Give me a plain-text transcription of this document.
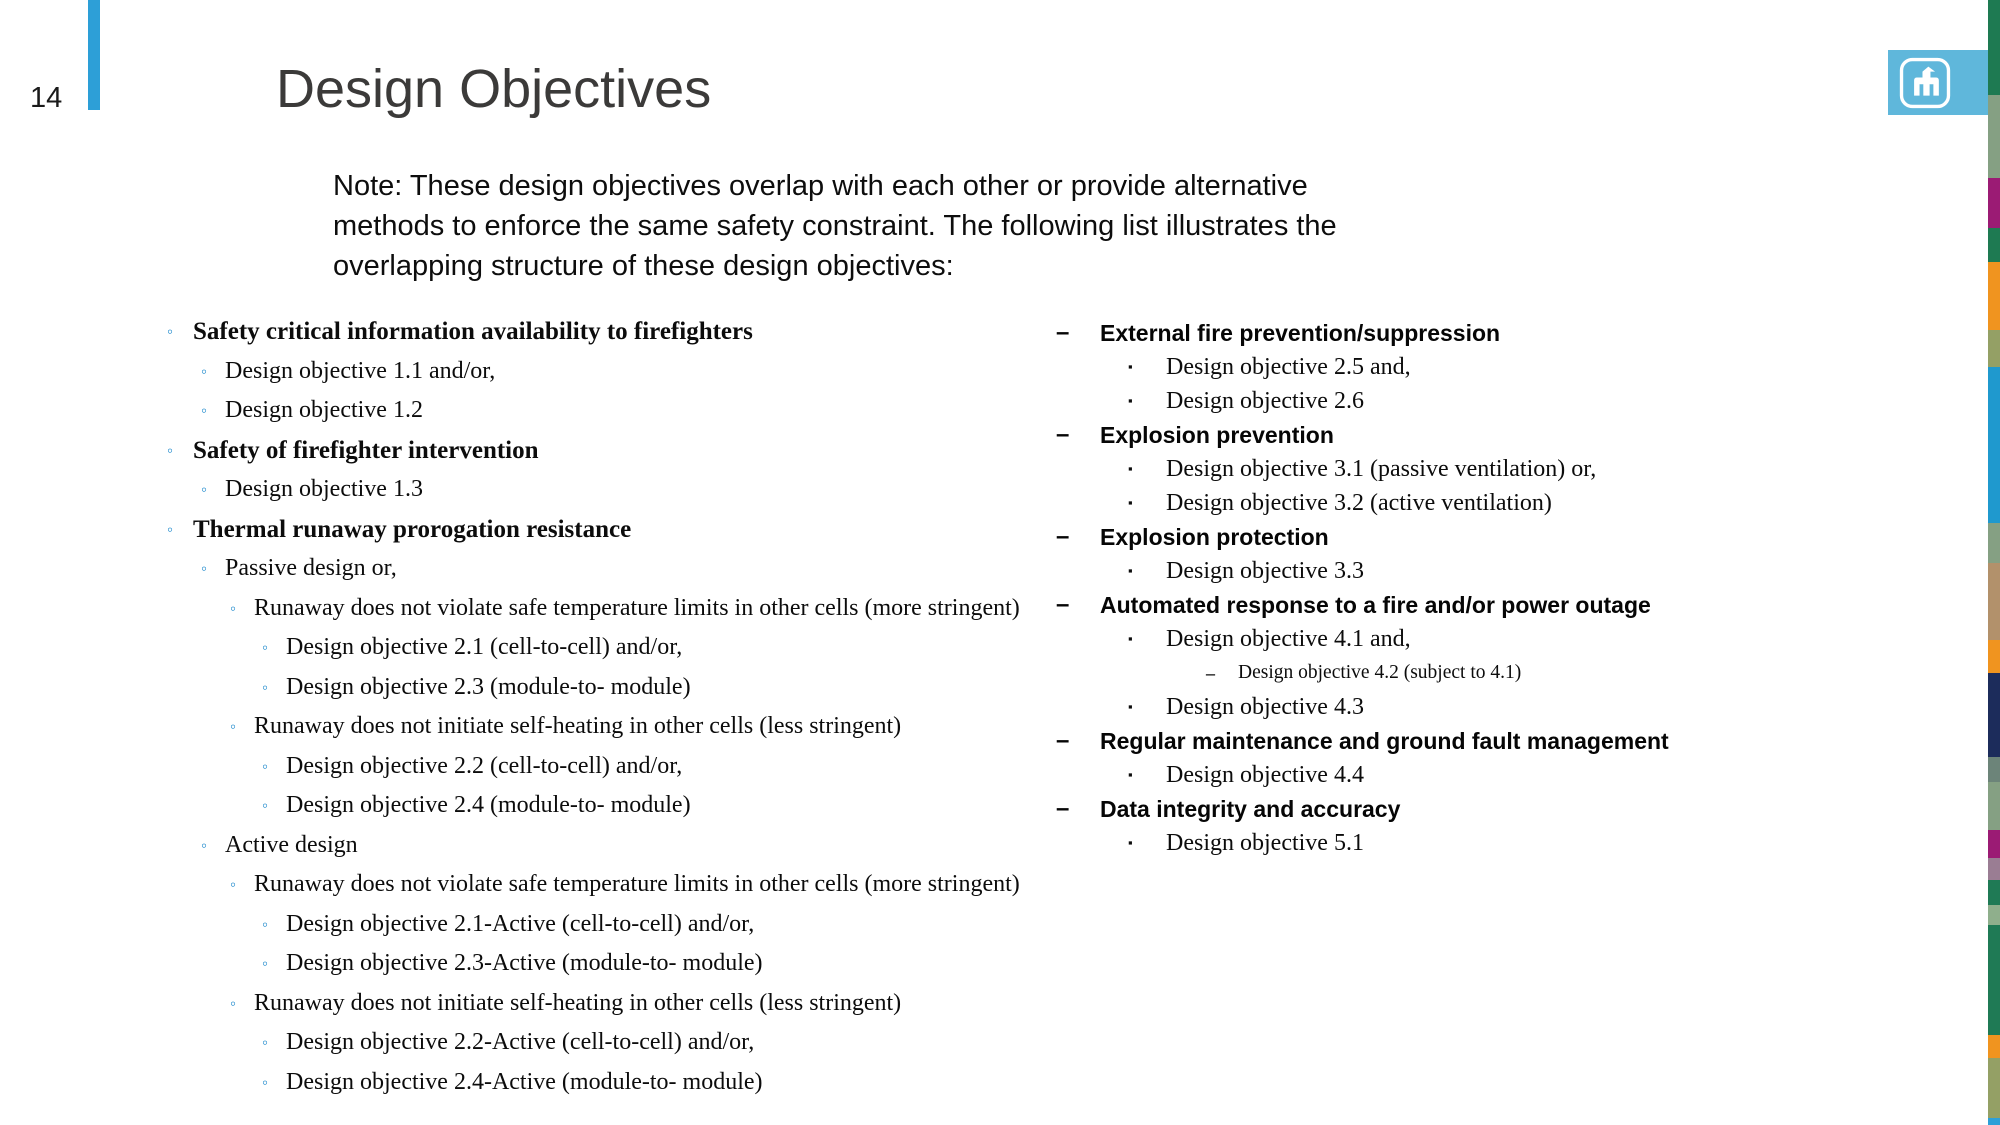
14	Design Objectives
Note: These design objectives overlap with each other or provide alternative
methods to enforce the same safety constraint. The following list illustrates the
overlapping structure of these design objectives:
◦ Safety critical information availability to firefighters
◦ Design objective 1.1 and/or,
◦ Design objective 1.2
◦ Safety of firefighter intervention
◦ Design objective 1.3
◦ Thermal runaway prorogation resistance
◦ Passive design or,
◦ Runaway does not violate safe temperature limits in other cells (more stringent)
◦ Design objective 2.1 (cell-to-cell) and/or,
◦ Design objective 2.3 (module-to- module)
◦ Runaway does not initiate self-heating in other cells (less stringent)
◦ Design objective 2.2 (cell-to-cell) and/or,
◦ Design objective 2.4 (module-to- module)
◦ Active design
◦ Runaway does not violate safe temperature limits in other cells (more stringent)
◦ Design objective 2.1-Active (cell-to-cell) and/or,
◦ Design objective 2.3-Active (module-to- module)
◦ Runaway does not initiate self-heating in other cells (less stringent)
◦ Design objective 2.2-Active (cell-to-cell) and/or,
◦ Design objective 2.4-Active (module-to- module)
– External fire prevention/suppression
▪ Design objective 2.5 and,
▪ Design objective 2.6
– Explosion prevention
▪ Design objective 3.1 (passive ventilation) or,
▪ Design objective 3.2 (active ventilation)
– Explosion protection
▪ Design objective 3.3
– Automated response to a fire and/or power outage
▪ Design objective 4.1 and,
– Design objective 4.2 (subject to 4.1)
▪ Design objective 4.3
– Regular maintenance and ground fault management
▪ Design objective 4.4
– Data integrity and accuracy
▪ Design objective 5.1
